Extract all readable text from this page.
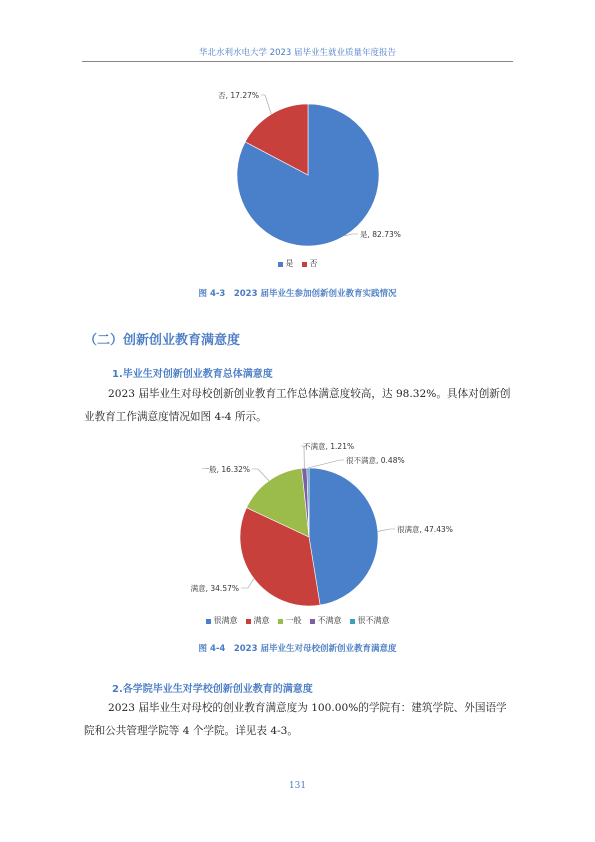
华北水利水电大学 2023 届毕业生就业质量年度报告
是, 82.73%
否, 17.27%
是 否
图 4-3　2023 届毕业生参加创新创业教育实践情况
（二）创新创业教育满意度
1.毕业生对创新创业教育总体满意度

2023 届毕业生对母校创新创业教育工作总体满意度较高，达 98.32%。具体对创新创业教育工作满意度情况如图 4-4 所示。

很满意, 47.43%
满意, 34.57%
一般, 16.32%
不满意, 1.21%
很不满意, 0.48%
很满意 满意 一般 不满意 很不满意
图 4-4　2023 届毕业生对母校创新创业教育满意度
2.各学院毕业生对学校创新创业教育的满意度

2023 届毕业生对母校的创业教育满意度为 100.00%的学院有：建筑学院、外国语学院和公共管理学院等 4 个学院。详见表 4-3。

131
